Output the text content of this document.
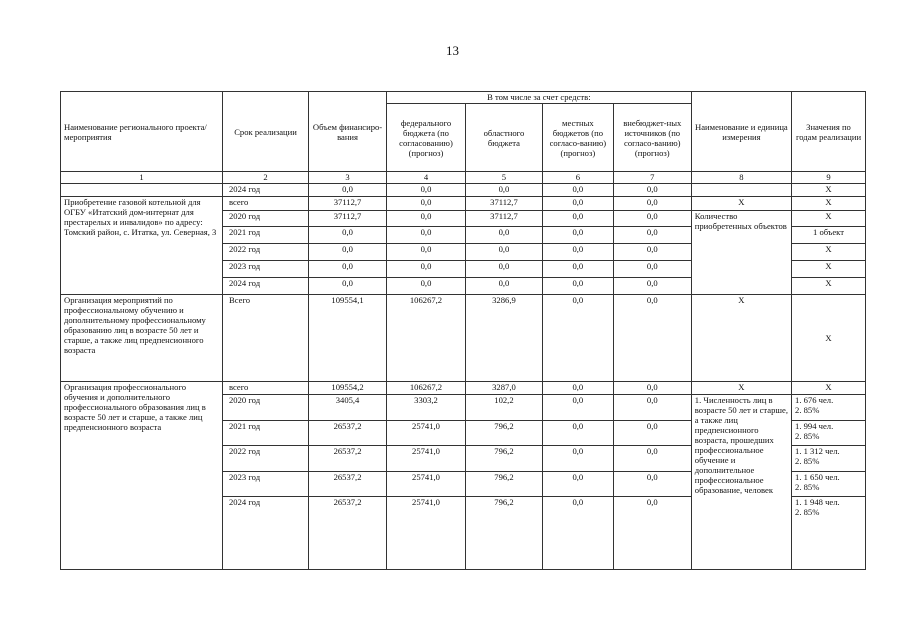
13
Наименование регионального проекта/ мероприятия	Срок реализации	Объем финансиро-вания	В том числе за счет средств:				Наименование и единица измерения	Значения по годам реализации
			федерального бюджета (по согласованию) (прогноз)	областного бюджета	местных бюджетов (по согласо-ванию) (прогноз)	внебюджет-ных источников (по согласо-ванию) (прогноз)		
1	2	3	4	5	6	7	8	9
	2024 год	0,0	0,0	0,0	0,0	0,0		X
Приобретение газовой котельной для ОГБУ «Итатский дом-интернат для престарелых и инвалидов» по адресу: Томский район, с. Итатка, ул. Северная, 3	всего	37112,7	0,0	37112,7	0,0	0,0	X	X
	2020 год	37112,7	0,0	37112,7	0,0	0,0	Количество приобретенных объектов	X
	2021 год	0,0	0,0	0,0	0,0	0,0		1 объект
	2022 год	0,0	0,0	0,0	0,0	0,0		X
	2023 год	0,0	0,0	0,0	0,0	0,0		X
	2024 год	0,0	0,0	0,0	0,0	0,0		X
Организация мероприятий по профессиональному обучению и дополнительному профессиональному образованию лиц в возрасте 50 лет и старше, а также лиц предпенсионного возраста	Всего	109554,1	106267,2	3286,9	0,0	0,0	X	X
Организация профессионального обучения и дополнительного профессионального образования лиц в возрасте 50 лет и старше, а также лиц предпенсионного возраста	всего	109554,2	106267,2	3287,0	0,0	0,0	X	X
	2020 год	3405,4	3303,2	102,2	0,0	0,0	1. Численность лиц в возрасте 50 лет и старше, а также лиц предпенсионного возраста, прошедших профессиональное обучение и дополнительное профессиональное образование, человек	1. 676 чел.
2. 85%

	2021 год	26537,2	25741,0	796,2	0,0	0,0		1. 994 чел.
2. 85%

	2022 год	26537,2	25741,0	796,2	0,0	0,0		1. 1 312 чел.
2. 85%

	2023 год	26537,2	25741,0	796,2	0,0	0,0		1. 1 650 чел.
2. 85%

	2024 год	26537,2	25741,0	796,2	0,0	0,0		1. 1 948 чел.
2. 85%
